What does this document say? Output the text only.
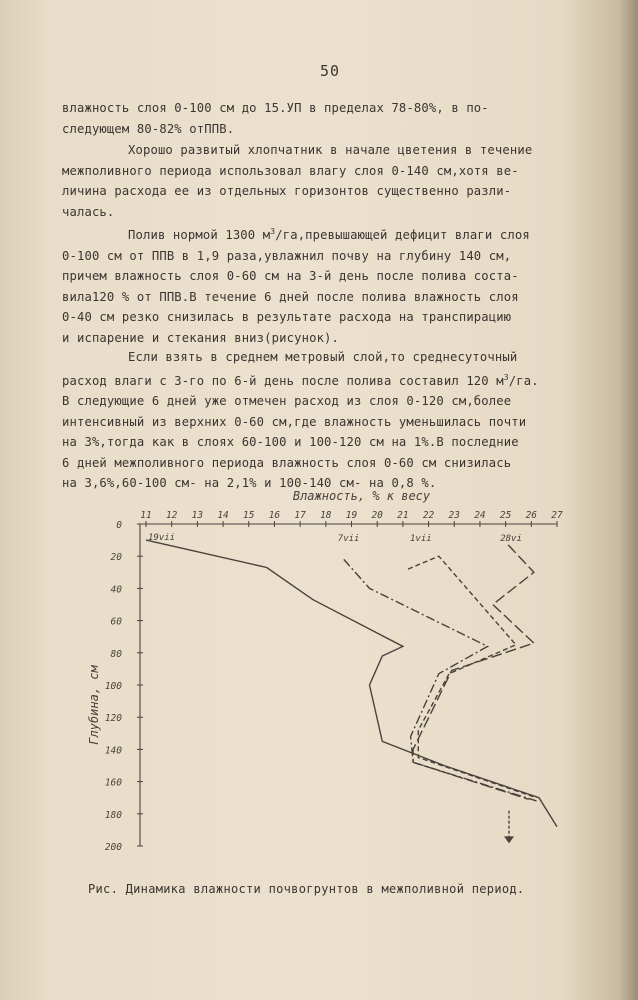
50
влажность слоя 0-100 см до 15.УП в пределах 78-80%, в по-
следующем 80-82% отППВ.
Хорошо развитый хлопчатник в начале цветения в течение
межполивного периода использовал влагу слоя 0-140 см,хотя ве-
личина расхода ее из отдельных горизонтов существенно разли-
чалась.
Полив нормой 1300 $м^3/га,превышающей$ дефицит влаги слоя
0-100 см от ППВ в 1,9 раза,увлажнил почву на глубину 140 см,
причем влажность слоя 0-60 см на 3-й день после полива соста-
вила120 % от ППВ.В течение 6 дней после полива влажность слоя
0-40 см резко снизилась в результате расхода на транспирацию
и испарение и стекания вниз(рисунок).
Если взять в среднем метровый слой,то среднесуточный
расход влаги с 3-го по 6-й день после полива составил 120 $м^3/га$.
В следующие 6 дней уже отмечен расход из слоя 0-120 см,более
интенсивный из верхних 0-60 см,где влажность уменьшилась почти
на 3%,тогда как в слоях 60-100 и 100-120 см на 1%.В последние
6 дней межполивного периода влажность слоя 0-60 см снизилась
на 3,6%,60-100 см- на 2,1% и 100-140 см- на 0,8 %.
11 12 13 14 15 16 17 18 19 20 21 22 23 24 25 26 27
0
20
40
60
80
100
120
140
160
180
200
Влажность, % к весу
Глубина, см
19vii	7vii	1vii	28vi
Рис. Динамика влажности почвогрунтов в межполивной период.
